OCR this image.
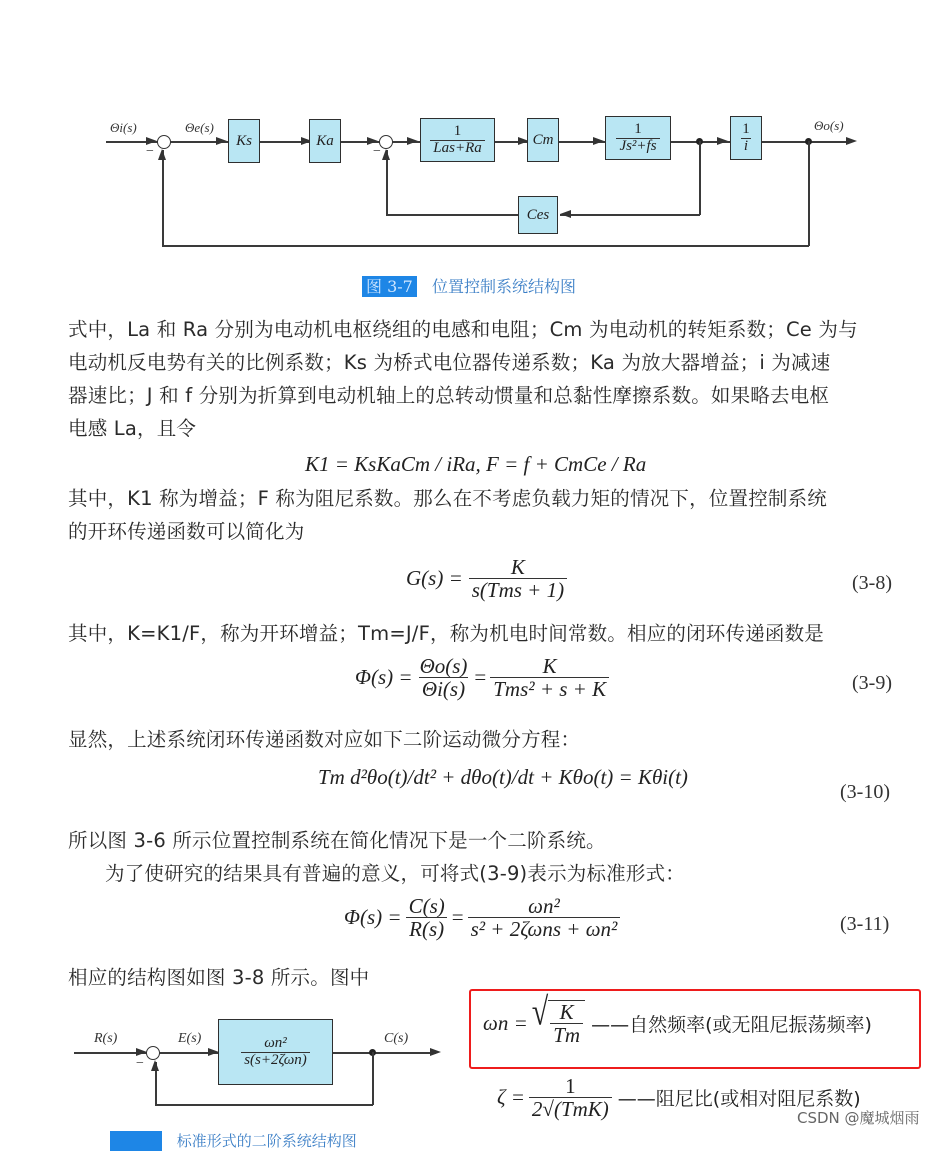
Θi(s)	Θe(s)	Θo(s)
−
Ks	Ka
−	$\frac{1}{\text{Las+Ra}}$	Cm	$\frac{1}{\text{Js²+fs}}$	$\frac{1}{i}$
Ces
图 3-7 位置控制系统结构图
式中，La 和 Ra 分别为电动机电枢绕组的电感和电阻；Cm 为电动机的转矩系数；Ce 为与
电动机反电势有关的比例系数；Ks 为桥式电位器传递系数；Ka 为放大器增益；i 为减速
器速比；J 和 f 分别为折算到电动机轴上的总转动惯量和总黏性摩擦系数。如果略去电枢
电感 La，且令
K1 = KsKaCm / iRa, F = f + CmCe / Ra
其中，K1 称为增益；F 称为阻尼系数。那么在不考虑负载力矩的情况下，位置控制系统
的开环传递函数可以简化为
$G(s) = \frac{K}{\text{s(Tms + 1)}}$	(3-8)
其中，K=K1/F，称为开环增益；Tm=J/F，称为机电时间常数。相应的闭环传递函数是
$\Phi(s) = \frac{\Theta o(s)}{\Theta i(s)} = \frac{K}{\text{Tms² + s + K}}$	(3-9)
显然，上述系统闭环传递函数对应如下二阶运动微分方程：
Tm d²θo(t)/dt² + dθo(t)/dt + Kθo(t) = Kθi(t)
(3-10)
所以图 3-6 所示位置控制系统在简化情况下是一个二阶系统。
为了使研究的结果具有普遍的意义，可将式(3-9)表示为标准形式：
$\Phi(s) = \frac{C(s)}{R(s)} = \frac{\text{ωn²}}{\text{s² + 2ζωns + ωn²}}$	(3-11)
相应的结构图如图 3-8 所示。图中
R(s)	E(s)	C(s)
−	$\frac{\text{ωn²}}{\text{s(s+2ζωn)}}$
图 3-8 标准形式的二阶系统结构图
ωn = √ $\frac{K}{Tm}$ ——自然频率(或无阻尼振荡频率)
$\zeta = \frac{1}{\text{2√(TmK)}}$ ——阻尼比(或相对阻尼系数)
CSDN @魔城烟雨
